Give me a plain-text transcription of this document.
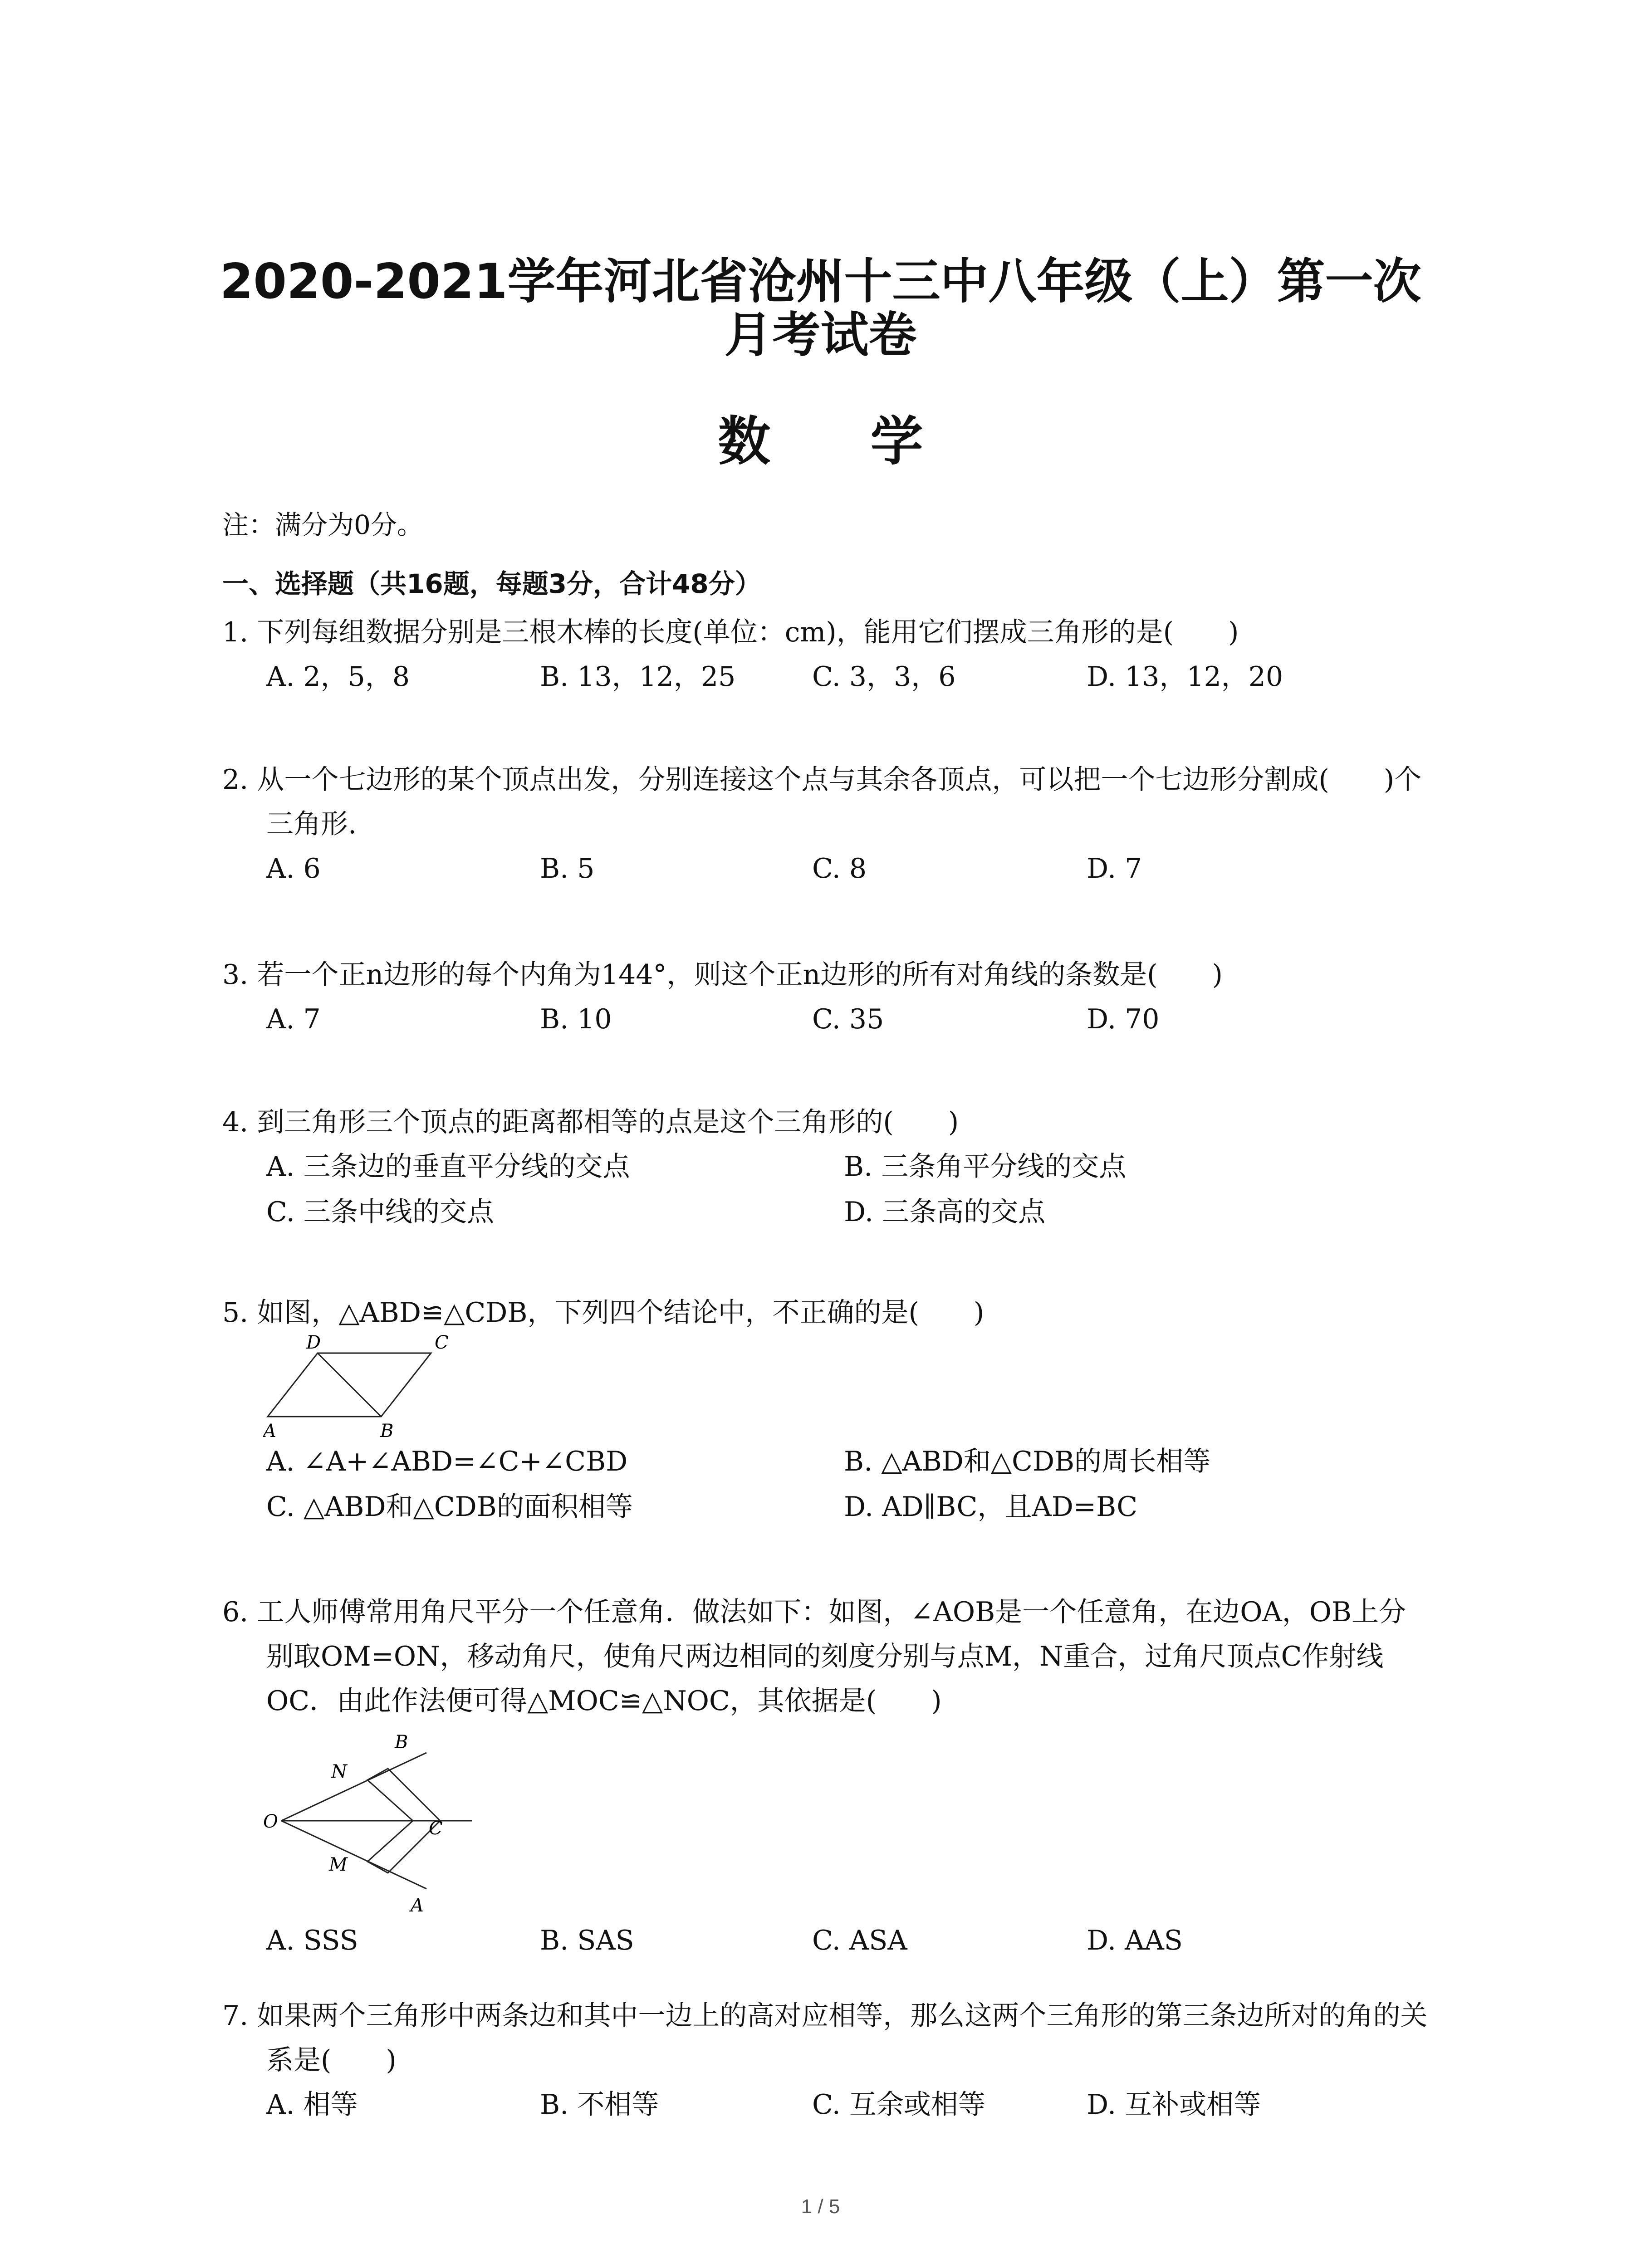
2020-2021学年河北省沧州十三中八年级（上）第一次
月考试卷
数 学
注：满分为0分。
一、选择题（共16题，每题3分，合计48分）
1. 下列每组数据分别是三根木棒的长度(单位：cm)，能用它们摆成三角形的是(　　)
A. 2，5，8	B. 13，12，25	C. 3，3，6	D. 13，12，20
2. 从一个七边形的某个顶点出发，分别连接这个点与其余各顶点，可以把一个七边形分割成(　　)个三角形.
A. 6	B. 5	C. 8	D. 7
3. 若一个正n边形的每个内角为144°，则这个正n边形的所有对角线的条数是(　　)
A. 7	B. 10	C. 35	D. 70
4. 到三角形三个顶点的距离都相等的点是这个三角形的(　　)
A. 三条边的垂直平分线的交点	B. 三条角平分线的交点
C. 三条中线的交点	D. 三条高的交点
5. 如图，△ABD≌△CDB，下列四个结论中，不正确的是(　　)
D	C
A	B
A. ∠A+∠ABD=∠C+∠CBD	B. △ABD和△CDB的周长相等
C. △ABD和△CDB的面积相等	D. AD∥BC，且AD=BC
6. 工人师傅常用角尺平分一个任意角．做法如下：如图，∠AOB是一个任意角，在边OA，OB上分别取OM=ON，移动角尺，使角尺两边相同的刻度分别与点M，N重合，过角尺顶点C作射线OC．由此作法便可得△MOC≌△NOC，其依据是(　　)
B
N
O	C
M
A
A. SSS	B. SAS	C. ASA	D. AAS
7. 如果两个三角形中两条边和其中一边上的高对应相等，那么这两个三角形的第三条边所对的角的关系是(　　)
A. 相等	B. 不相等	C. 互余或相等	D. 互补或相等
1 / 5
